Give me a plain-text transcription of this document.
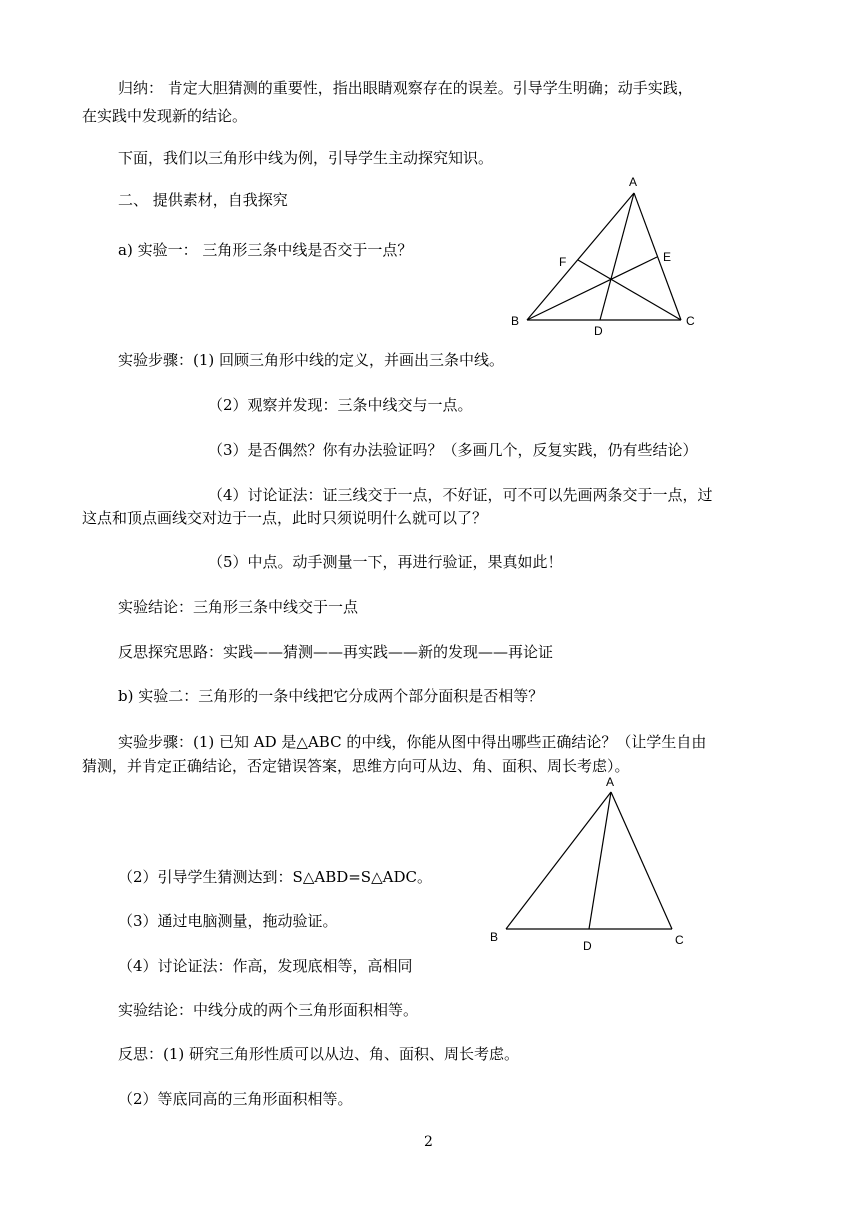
归纳： 肯定大胆猜测的重要性，指出眼睛观察存在的误差。引导学生明确；动手实践，
在实践中发现新的结论。
下面，我们以三角形中线为例，引导学生主动探究知识。
二、 提供素材，自我探究
a) 实验一： 三角形三条中线是否交于一点？
实验步骤：(1) 回顾三角形中线的定义，并画出三条中线。
（2）观察并发现：三条中线交与一点。
（3）是否偶然？你有办法验证吗？（多画几个，反复实践，仍有些结论）
（4）讨论证法：证三线交于一点，不好证，可不可以先画两条交于一点，过
这点和顶点画线交对边于一点，此时只须说明什么就可以了？
（5）中点。动手测量一下，再进行验证，果真如此！
实验结论：三角形三条中线交于一点
反思探究思路：实践——猜测——再实践——新的发现——再论证
b) 实验二：三角形的一条中线把它分成两个部分面积是否相等？
实验步骤：(1) 已知 AD 是△ABC 的中线，你能从图中得出哪些正确结论？（让学生自由
猜测，并肯定正确结论，否定错误答案，思维方向可从边、角、面积、周长考虑）。
（2）引导学生猜测达到：S△ABD=S△ADC。
（3）通过电脑测量，拖动验证。
（4）讨论证法：作高，发现底相等，高相同
实验结论：中线分成的两个三角形面积相等。
反思：(1) 研究三角形性质可以从边、角、面积、周长考虑。
（2）等底同高的三角形面积相等。
2
A
B	C
D
E
F
A
B	C
D
